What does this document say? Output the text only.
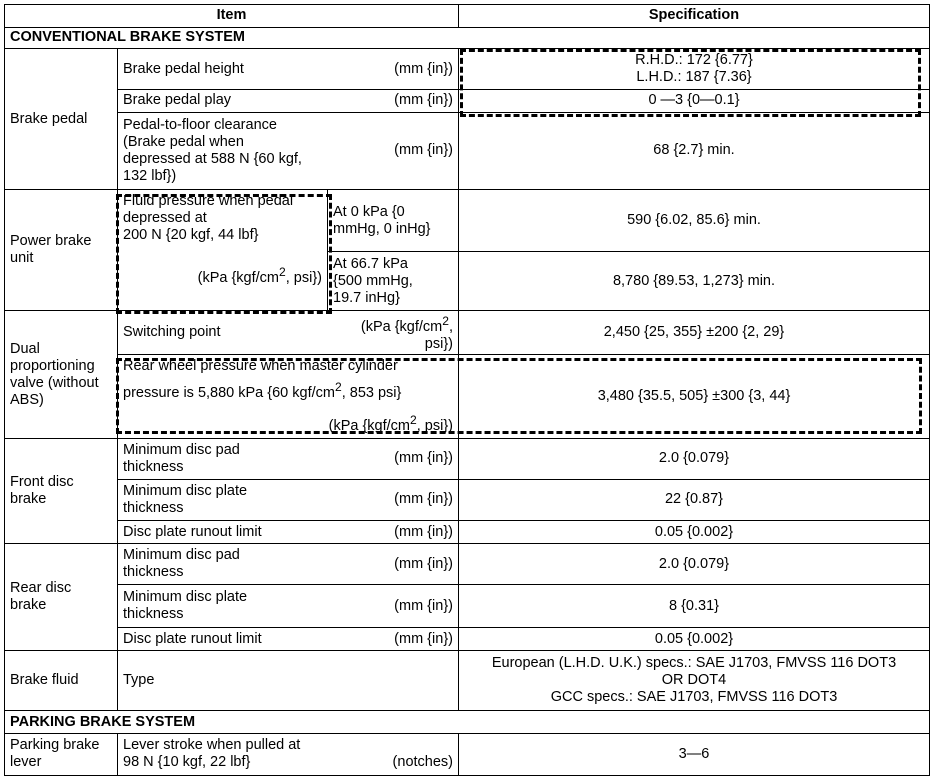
Item			Specification
CONVENTIONAL BRAKE SYSTEM			
Brake pedal	Brake pedal height (mm {in})		R.H.D.: 172 {6.77}
L.H.D.: 187 {7.36}

	Brake pedal play (mm {in})		0 —3 {0—0.1}

	Pedal-to-floor clearance
(Brake pedal when
depressed at 588 N {60 kgf,
132 lbf})
(mm {in})		68 {2.7} min.

Power brake
unit	Fluid pressure when pedal
depressed at
200 N {20 kgf, 44 lbf}
(kPa {$kgf/cm^2$, psi})	At 0 kPa {0
mmHg, 0 inHg}	590 {6.02, 85.6} min.

		At 66.7 kPa
{500 mmHg,
19.7 inHg}	8,780 {89.53, 1,273} min.

Dual
proportioning
valve (without
ABS)	Switching point (kPa {$kgf/cm^2$,
psi})		2,450 {25, 355} ±200 {2, 29}

	Rear wheel pressure when master cylinder
pressure is 5,880 kPa {60 kgf/$cm^2$, 853 psi}
(kPa {$kgf/cm^2$, psi})		3,480 {35.5, 505} ±300 {3, 44}

Front disc
brake	Minimum disc pad
thickness
(mm {in})		2.0 {0.079}

	Minimum disc plate
thickness
(mm {in})		22 {0.87}

	Disc plate runout limit (mm {in})		0.05 {0.002}

Rear disc
brake	Minimum disc pad
thickness
(mm {in})		2.0 {0.079}

	Minimum disc plate
thickness
(mm {in})		8 {0.31}

	Disc plate runout limit (mm {in})		0.05 {0.002}
Brake fluid	Type		European (L.H.D. U.K.) specs.: SAE J1703, FMVSS 116 DOT3
OR DOT4
GCC specs.: SAE J1703, FMVSS 116 DOT3

PARKING BRAKE SYSTEM			

Parking brake
lever	Lever stroke when pulled at
98 N {10 kgf, 22 lbf} (notches)		3—6
